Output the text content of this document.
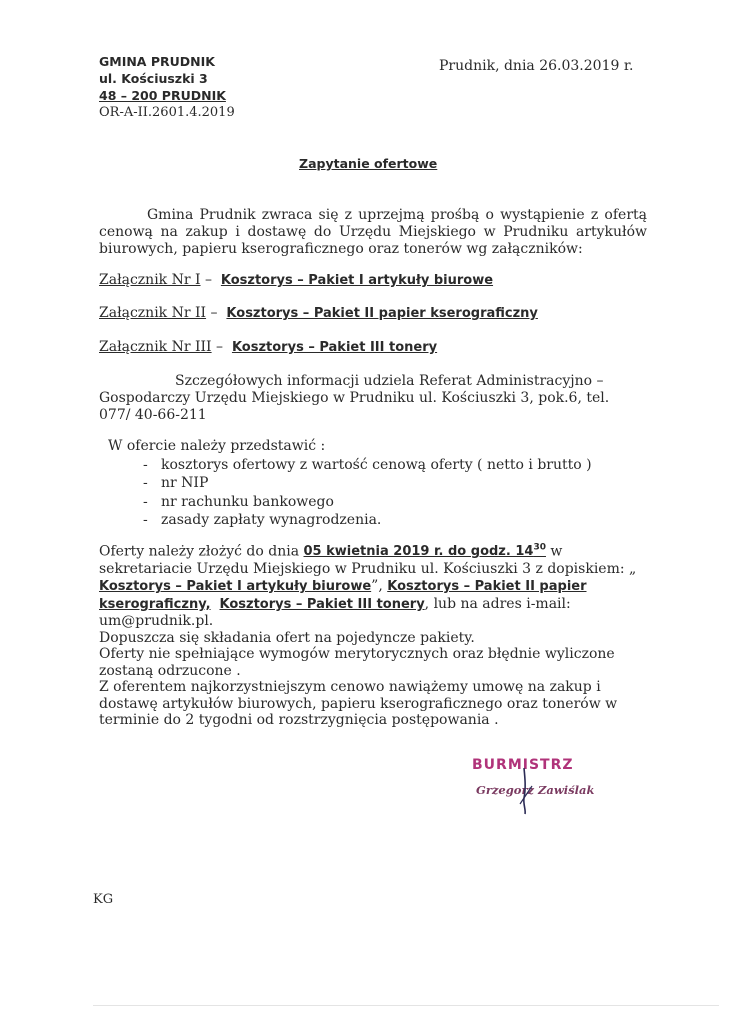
GMINA PRUDNIK
ul. Kościuszki 3
48 – 200 PRUDNIK
OR-A-II.2601.4.2019
Prudnik, dnia 26.03.2019 r.
Zapytanie ofertowe

Gmina Prudnik zwraca się z uprzejmą prośbą o wystąpienie z ofertą cenową na zakup i dostawę do Urzędu Miejskiego w Prudniku artykułów biurowych, papieru kserograficznego oraz tonerów wg załączników:

Załącznik Nr I –  Kosztorys – Pakiet I artykuły biurowe
Załącznik Nr II –  Kosztorys – Pakiet II papier kserograficzny
Załącznik Nr III –  Kosztorys – Pakiet III tonery

Szczegółowych informacji udziela Referat Administracyjno – Gospodarczy Urzędu Miejskiego w Prudniku ul. Kościuszki 3, pok.6, tel. 077/ 40-66-211

W ofercie należy przedstawić :
- kosztorys ofertowy z wartość cenową oferty ( netto i brutto )
- nr NIP
- nr rachunku bankowego
- zasady zapłaty wynagrodzenia.

Oferty należy złożyć do dnia 05 kwietnia 2019 r. do godz. $14^{30}$ w sekretariacie Urzędu Miejskiego w Prudniku ul. Kościuszki 3 z dopiskiem: „ Kosztorys – Pakiet I artykuły biurowe”, Kosztorys – Pakiet II papier kserograficzny, Kosztorys – Pakiet III tonery, lub na adres i-mail: um@prudnik.pl.

Dopuszcza się składania ofert na pojedyncze pakiety.

Oferty nie spełniające wymogów merytorycznych oraz błędnie wyliczone zostaną odrzucone .

Z oferentem najkorzystniejszym cenowo nawiążemy umowę na zakup i dostawę artykułów biurowych, papieru kserograficznego oraz tonerów w terminie do 2 tygodni od rozstrzygnięcia postępowania .

BURMISTRZ
Grzegorz Zawiślak
KG
